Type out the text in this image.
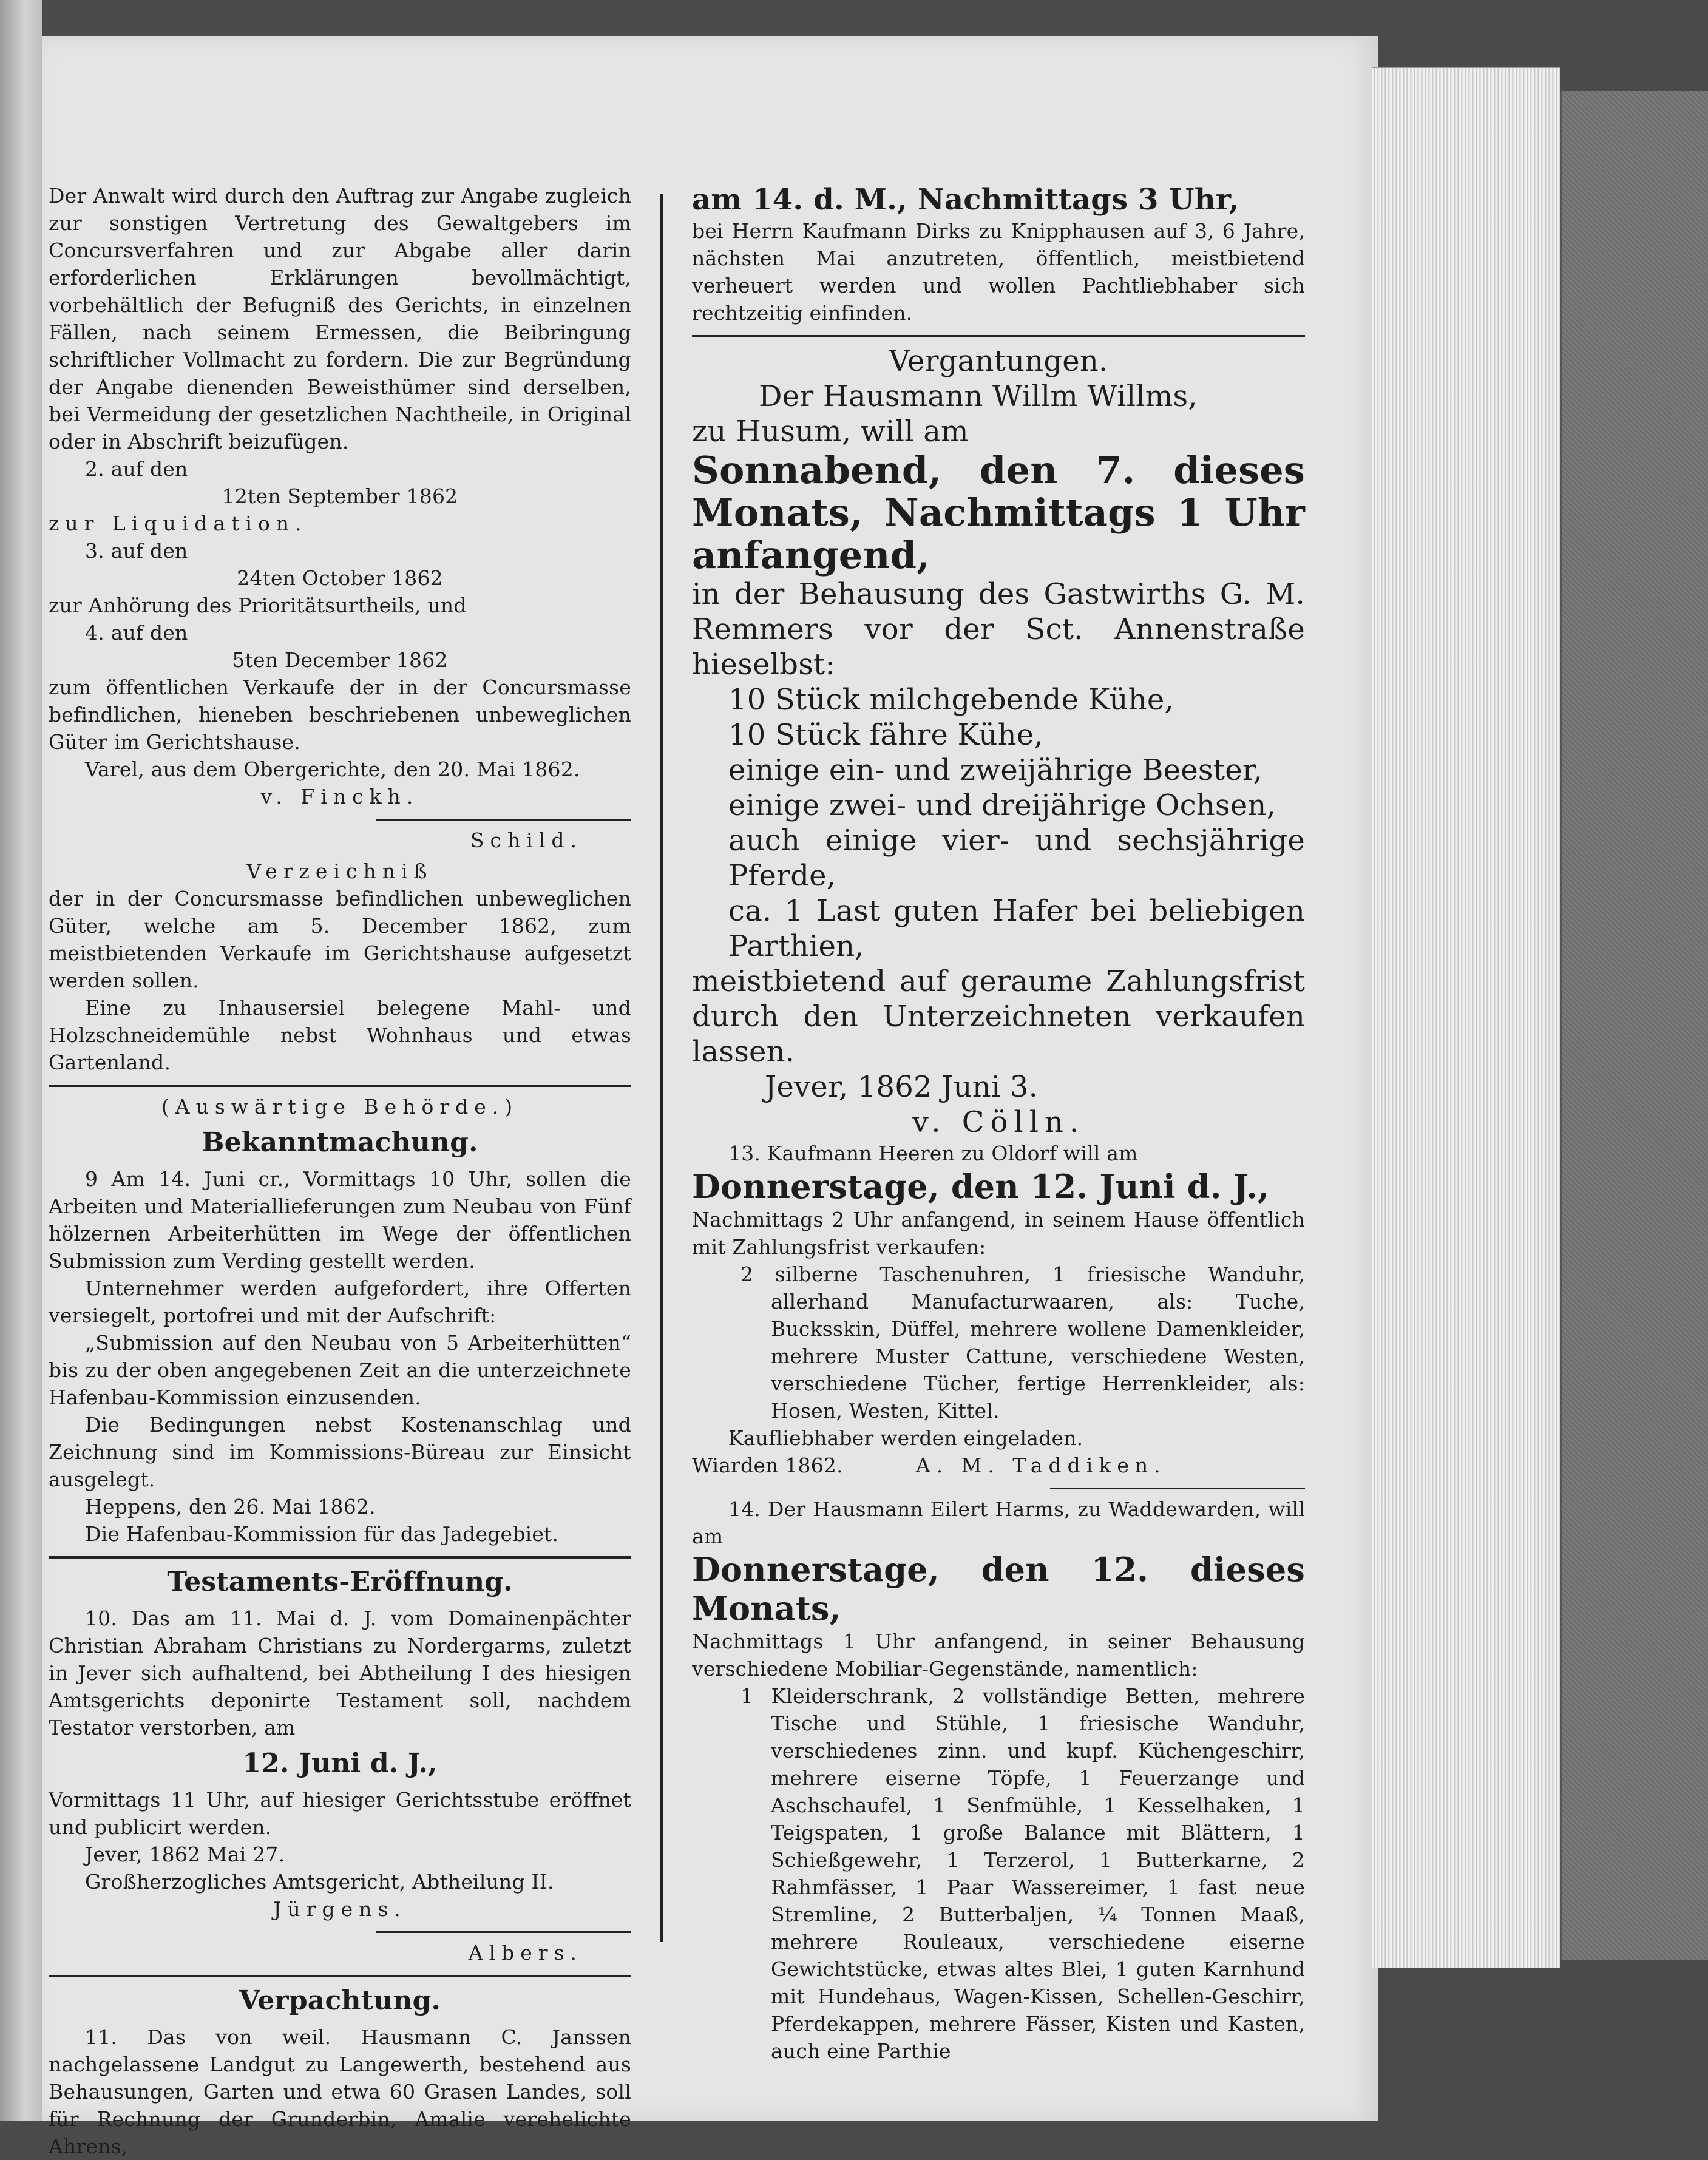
Der Anwalt wird durch den Auftrag zur Angabe zugleich zur sonstigen Vertretung des Gewaltgebers im Concursverfahren und zur Abgabe aller darin erforderlichen Erklärungen bevollmächtigt, vorbehältlich der Befugniß des Gerichts, in einzelnen Fällen, nach seinem Ermessen, die Beibringung schriftlicher Vollmacht zu fordern. Die zur Begründung der Angabe dienenden Beweisthümer sind derselben, bei Vermeidung der gesetzlichen Nachtheile, in Original oder in Abschrift beizufügen.

2. auf den

12ten September 1862

zur Liquidation.

3. auf den

24ten October 1862

zur Anhörung des Prioritätsurtheils, und

4. auf den

5ten December 1862

zum öffentlichen Verkaufe der in der Concursmasse befindlichen, hieneben beschriebenen unbeweglichen Güter im Gerichtshause.

Varel, aus dem Obergerichte, den 20. Mai 1862.

v. Finckh.

Schild.

Verzeichniß

der in der Concursmasse befindlichen unbeweglichen Güter, welche am 5. December 1862, zum meistbietenden Verkaufe im Gerichtshause aufgesetzt werden sollen.

Eine zu Inhausersiel belegene Mahl- und Holzschneidemühle nebst Wohnhaus und etwas Gartenland.

(Auswärtige Behörde.)

Bekanntmachung.

9 Am 14. Juni cr., Vormittags 10 Uhr, sollen die Arbeiten und Materiallieferungen zum Neubau von Fünf hölzernen Arbeiterhütten im Wege der öffentlichen Submission zum Verding gestellt werden.

Unternehmer werden aufgefordert, ihre Offerten versiegelt, portofrei und mit der Aufschrift:

„Submission auf den Neubau von 5 Arbeiterhütten“ bis zu der oben angegebenen Zeit an die unterzeichnete Hafenbau-Kommission einzusenden.

Die Bedingungen nebst Kostenanschlag und Zeichnung sind im Kommissions-Büreau zur Einsicht ausgelegt.

Heppens, den 26. Mai 1862.

Die Hafenbau-Kommission für das Jadegebiet.

Testaments-Eröffnung.

10. Das am 11. Mai d. J. vom Domainenpächter Christian Abraham Christians zu Nordergarms, zuletzt in Jever sich aufhaltend, bei Abtheilung I des hiesigen Amtsgerichts deponirte Testament soll, nachdem Testator verstorben, am

12. Juni d. J.,

Vormittags 11 Uhr, auf hiesiger Gerichtsstube eröffnet und publicirt werden.

Jever, 1862 Mai 27.

Großherzogliches Amtsgericht, Abtheilung II.

Jürgens.

Albers.

Verpachtung.

11. Das von weil. Hausmann C. Janssen nachgelassene Landgut zu Langewerth, bestehend aus Behausungen, Garten und etwa 60 Grasen Landes, soll für Rechnung der Grunderbin, Amalie verehelichte Ahrens,

am 14. d. M., Nachmittags 3 Uhr,

bei Herrn Kaufmann Dirks zu Knipphausen auf 3, 6 Jahre, nächsten Mai anzutreten, öffentlich, meistbietend verheuert werden und wollen Pachtliebhaber sich rechtzeitig einfinden.

Vergantungen.

Der Hausmann Willm Willms,

zu Husum, will am

Sonnabend, den 7. dieses Monats, Nachmittags 1 Uhr anfangend,

in der Behausung des Gastwirths G. M. Remmers vor der Sct. Annenstraße hieselbst:

10 Stück milchgebende Kühe,

10 Stück fähre Kühe,

einige ein- und zweijährige Beester,

einige zwei- und dreijährige Ochsen,

auch einige vier- und sechsjährige Pferde,

ca. 1 Last guten Hafer bei beliebigen Parthien,

meistbietend auf geraume Zahlungsfrist durch den Unterzeichneten verkaufen lassen.

Jever, 1862 Juni 3.

v. Cölln.

13. Kaufmann Heeren zu Oldorf will am

Donnerstage, den 12. Juni d. J.,

Nachmittags 2 Uhr anfangend, in seinem Hause öffentlich mit Zahlungsfrist verkaufen:

2 silberne Taschenuhren, 1 friesische Wanduhr, allerhand Manufacturwaaren, als: Tuche, Bucksskin, Düffel, mehrere wollene Damenkleider, mehrere Muster Cattune, verschiedene Westen, verschiedene Tücher, fertige Herrenkleider, als: Hosen, Westen, Kittel.

Kaufliebhaber werden eingeladen.

Wiarden 1862.	A. M. Taddiken.

14. Der Hausmann Eilert Harms, zu Waddewarden, will am

Donnerstage, den 12. dieses Monats,

Nachmittags 1 Uhr anfangend, in seiner Behausung verschiedene Mobiliar-Gegenstände, namentlich:

1 Kleiderschrank, 2 vollständige Betten, mehrere Tische und Stühle, 1 friesische Wanduhr, verschiedenes zinn. und kupf. Küchengeschirr, mehrere eiserne Töpfe, 1 Feuerzange und Aschschaufel, 1 Senfmühle, 1 Kesselhaken, 1 Teigspaten, 1 große Balance mit Blättern, 1 Schießgewehr, 1 Terzerol, 1 Butterkarne, 2 Rahmfässer, 1 Paar Wassereimer, 1 fast neue Stremline, 2 Butterbaljen, ¼ Tonnen Maaß, mehrere Rouleaux, verschiedene eiserne Gewichtstücke, etwas altes Blei, 1 guten Karnhund mit Hundehaus, Wagen-Kissen, Schellen-Geschirr, Pferdekappen, mehrere Fässer, Kisten und Kasten, auch eine Parthie
